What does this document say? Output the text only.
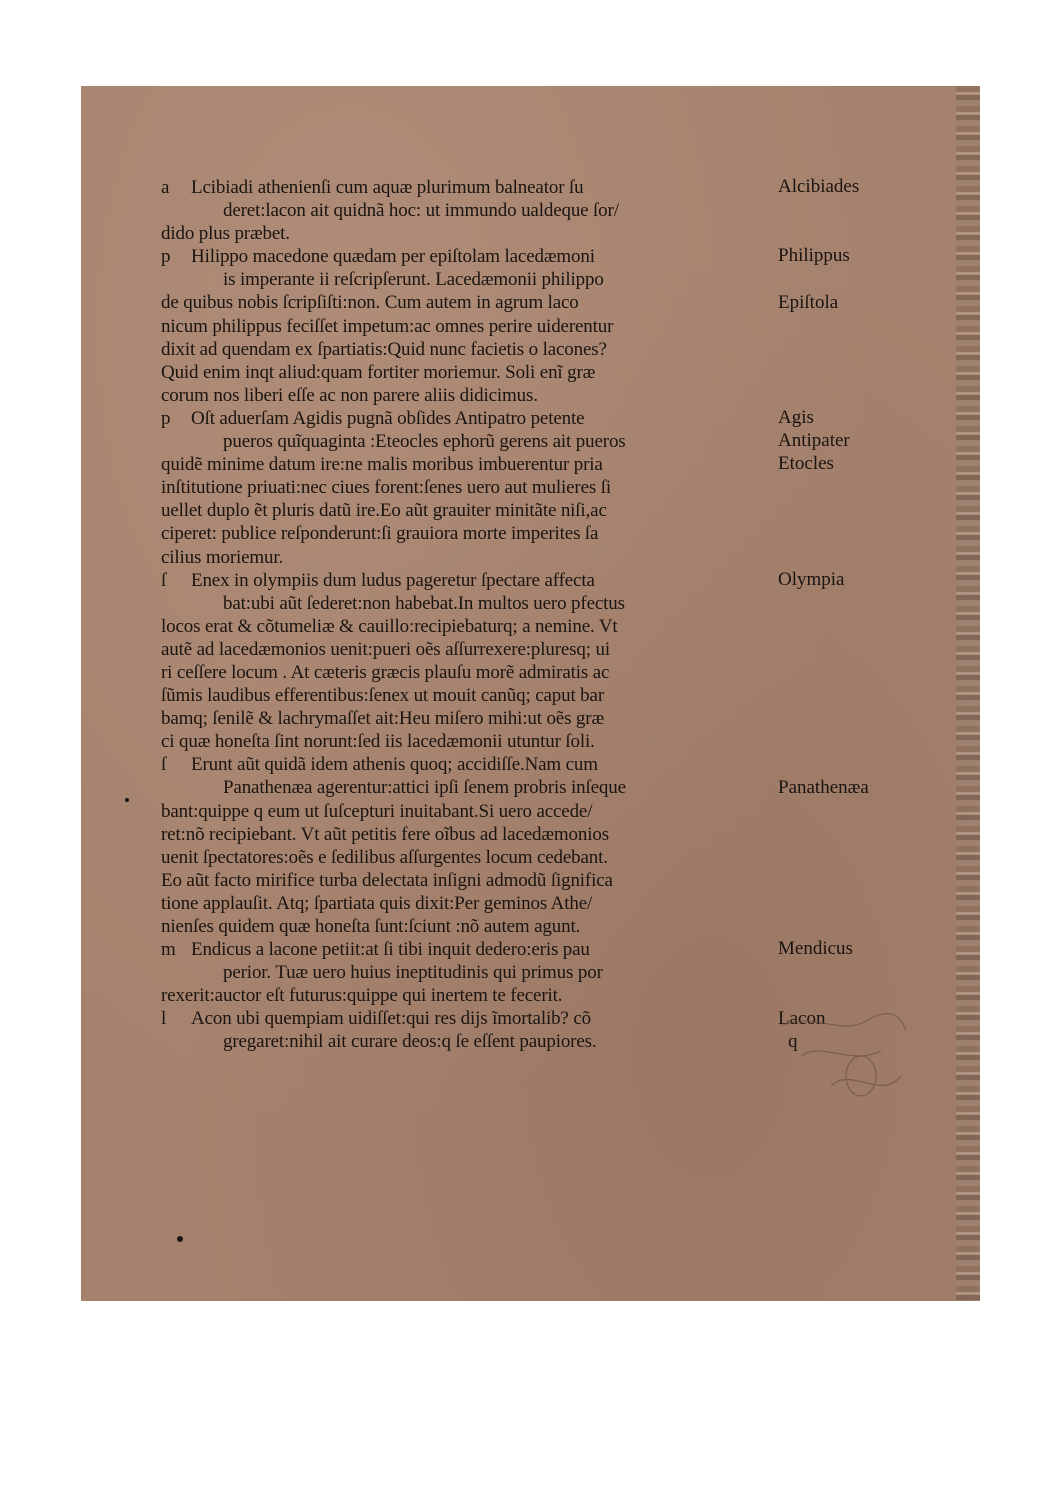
a Lcibiadi athenienſi cum aquæ plurimum balneator ſu
deret:lacon ait quidnã hoc: ut immundo ualdeque ſor/
dido plus præbet.
p Hilippo macedone quædam per epiſtolam lacedæmoni
is imperante ii reſcripſerunt. Lacedæmonii philippo
de quibus nobis ſcripſiſti:non. Cum autem in agrum laco
nicum philippus feciſſet impetum:ac omnes perire uiderentur
dixit ad quendam ex ſpartiatis:Quid nunc facietis o lacones?
Quid enim inqt aliud:quam fortiter moriemur. Soli enĩ græ
corum nos liberi eſſe ac non parere aliis didicimus.
p Oſt aduerſam Agidis pugnã obſides Antipatro petente
pueros quĩquaginta :Eteocles ephorũ gerens ait pueros
quidẽ minime datum ire:ne malis moribus imbuerentur pria
inſtitutione priuati:nec ciues forent:ſenes uero aut mulieres ſi
uellet duplo ẽt pluris datũ ire.Eo aũt grauiter minitãte niſi,ac
ciperet: publice reſponderunt:ſi grauiora morte imperites ſa
cilius moriemur.
ſ Enex in olympiis dum ludus pageretur ſpectare affecta
bat:ubi aũt ſederet:non habebat.In multos uero pfectus
locos erat & cõtumeliæ & cauillo:recipiebaturq; a nemine. Vt
autẽ ad lacedæmonios uenit:pueri oẽs aſſurrexere:pluresq; ui
ri ceſſere locum . At cæteris græcis plauſu morẽ admiratis ac
ſũmis laudibus efferentibus:ſenex ut mouit canũq; caput bar
bamq; ſenilẽ & lachrymaſſet ait:Heu miſero mihi:ut oẽs græ
ci quæ honeſta ſint norunt:ſed iis lacedæmonii utuntur ſoli.
ſ Erunt aũt quidã idem athenis quoq; accidiſſe.Nam cum
Panathenæa agerentur:attici ipſi ſenem probris inſeque
bant:quippe q eum ut ſuſcepturi inuitabant.Si uero accede/
ret:nõ recipiebant. Vt aũt petitis fere oĩbus ad lacedæmonios
uenit ſpectatores:oẽs e ſedilibus aſſurgentes locum cedebant.
Eo aũt facto mirifice turba delectata inſigni admodũ ſignifica
tione applauſit. Atq; ſpartiata quis dixit:Per geminos Athe/
nienſes quidem quæ honeſta ſunt:ſciunt :nõ autem agunt.
m Endicus a lacone petiit:at ſi tibi inquit dedero:eris pau
perior. Tuæ uero huius ineptitudinis qui primus por
rexerit:auctor eſt futurus:quippe qui inertem te fecerit.
l Acon ubi quempiam uidiſſet:qui res dijs ĩmortalib? cõ
gregaret:nihil ait curare deos:q ſe eſſent paupiores.
Alcibiades
Philippus
Epiſtola
Agis
Antipater
Etocles
Olympia
Panathenæa
Mendicus
Lacon
q
